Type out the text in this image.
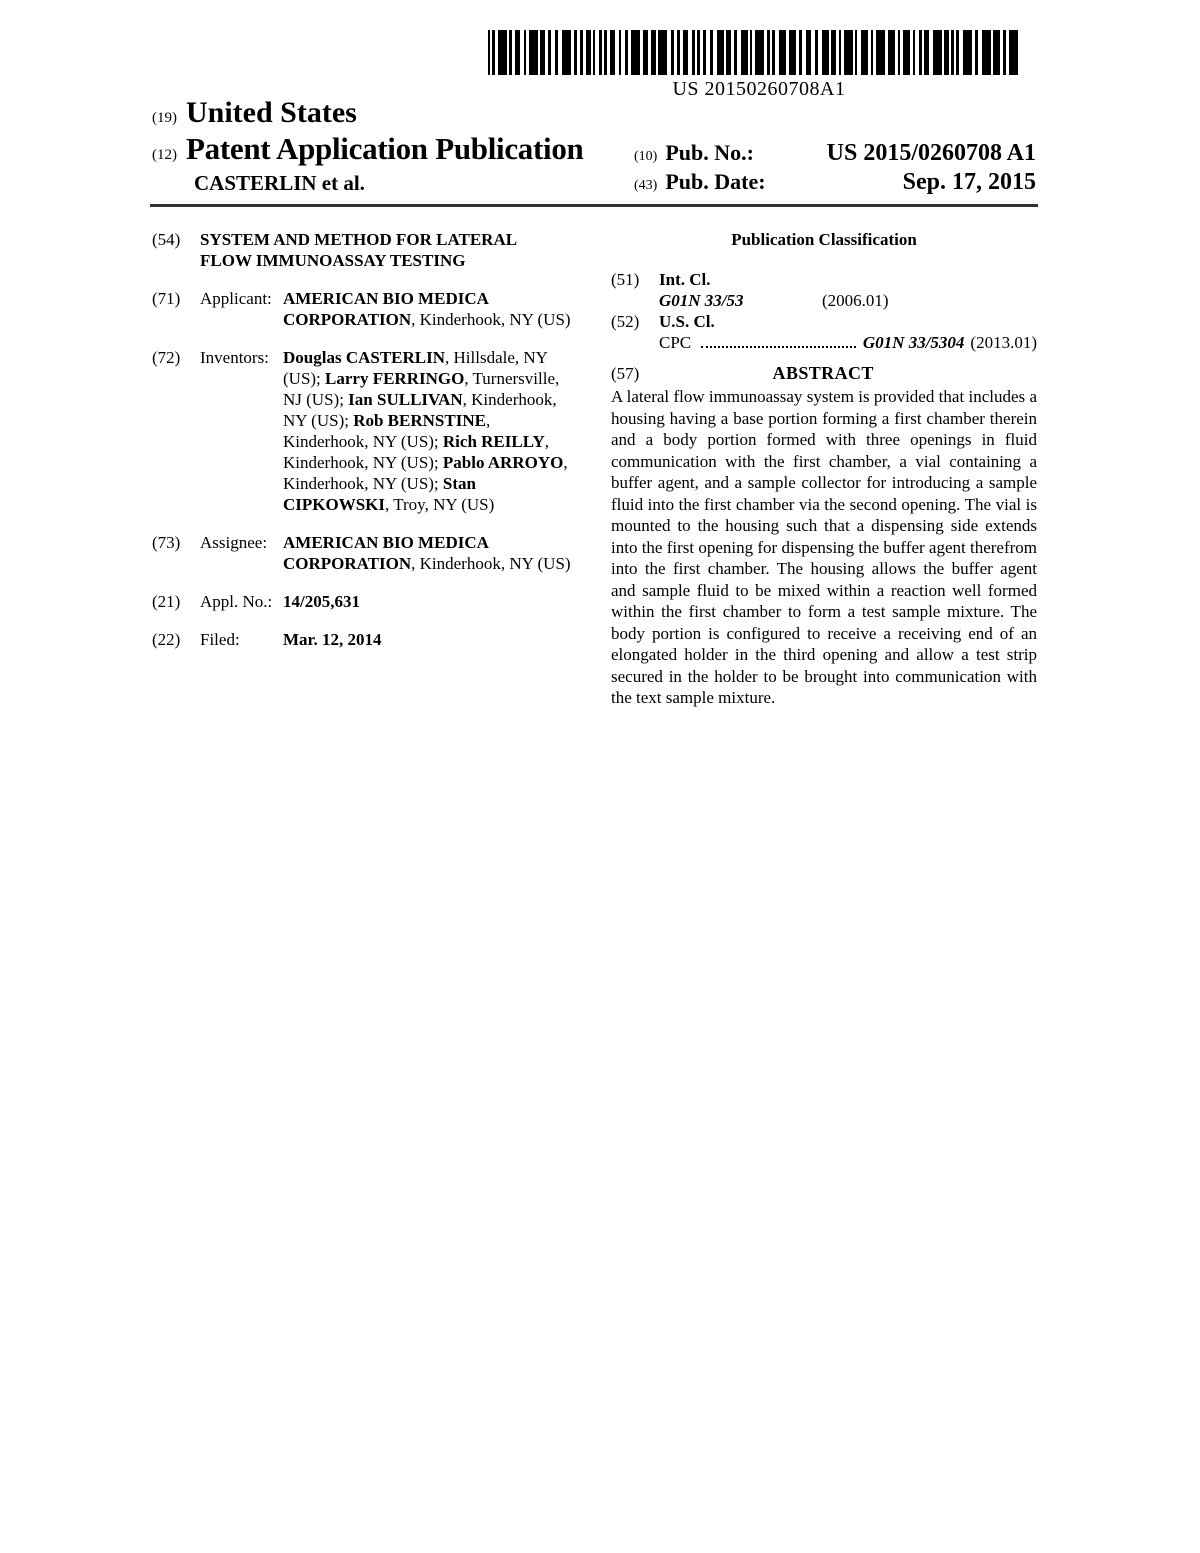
US 20150260708A1
(19) United States
(12) Patent Application Publication	(10) Pub. No.:	US 2015/0260708 A1
CASTERLIN et al.	(43) Pub. Date:	Sep. 17, 2015
(54)	SYSTEM AND METHOD FOR LATERAL FLOW IMMUNOASSAY TESTING
(71)	Applicant: AMERICAN BIO MEDICA CORPORATION, Kinderhook, NY (US)
(72)	Inventors: Douglas CASTERLIN, Hillsdale, NY (US); Larry FERRINGO, Turnersville, NJ (US); Ian SULLIVAN, Kinderhook, NY (US); Rob BERNSTINE, Kinderhook, NY (US); Rich REILLY, Kinderhook, NY (US); Pablo ARROYO, Kinderhook, NY (US); Stan CIPKOWSKI, Troy, NY (US)
(73)	Assignee: AMERICAN BIO MEDICA CORPORATION, Kinderhook, NY (US)
(21)	Appl. No.: 14/205,631
(22)	Filed:	Mar. 12, 2014
Publication Classification
(51)	Int. Cl.
G01N 33/53	(2006.01)
(52)	U.S. Cl.
CPC	G01N 33/5304 (2013.01)
(57)	ABSTRACT

A lateral flow immunoassay system is provided that includes a housing having a base portion forming a first chamber therein and a body portion formed with three openings in fluid communication with the first chamber, a vial containing a buffer agent, and a sample collector for introducing a sample fluid into the first chamber via the second opening. The vial is mounted to the housing such that a dispensing side extends into the first opening for dispensing the buffer agent therefrom into the first chamber. The housing allows the buffer agent and sample fluid to be mixed within a reaction well formed within the first chamber to form a test sample mixture. The body portion is configured to receive a receiving end of an elongated holder in the third opening and allow a test strip secured in the holder to be brought into communication with the text sample mixture.
